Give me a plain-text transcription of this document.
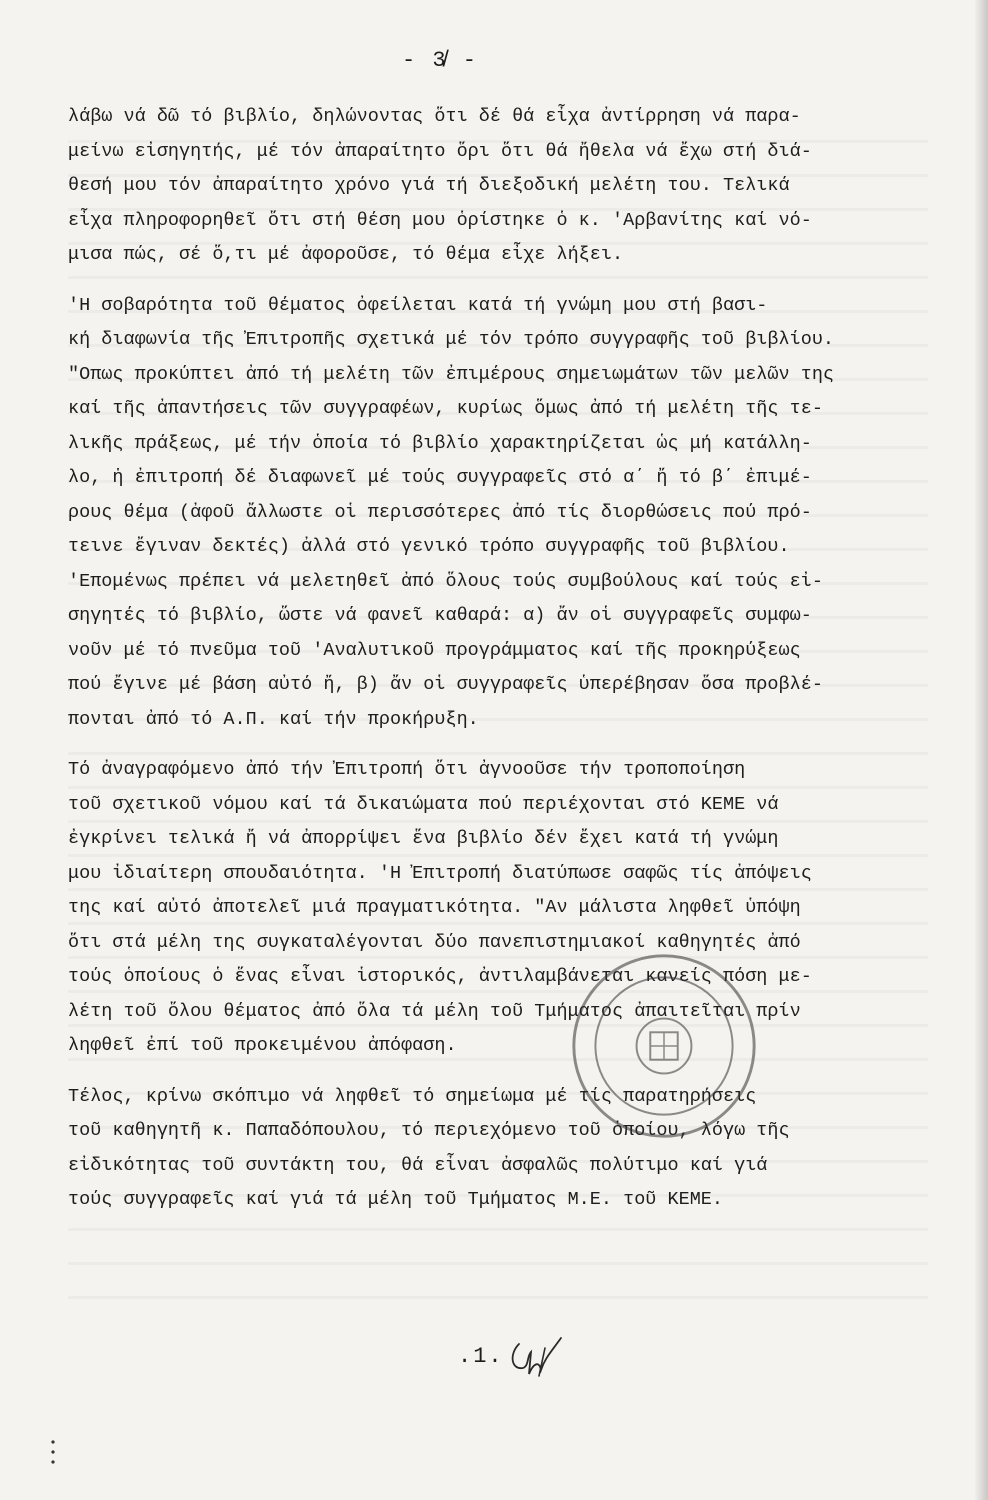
- 3̸̸ -

λάβω νά δῶ τό βιβλίο, δηλώνοντας ὅτι δέ θά εἶχα ἀντίρρηση νά παρα-
μείνω εἰσηγητής, μέ τόν ἀπαραίτητο ὅρι ὅτι θά ἤθελα νά ἔχω στή διά-
θεσή μου τόν ἀπαραίτητο χρόνο γιά τή διεξοδική μελέτη του. Τελικά
εἶχα πληροφορηθεῖ ὅτι στή θέση μου ὁρίστηκε ὁ κ. 'Αρβανίτης καί νό-
μισα πώς, σέ ὅ,τι μέ ἀφοροῦσε, τό θέμα εἶχε λήξει.

'Η σοβαρότητα τοῦ θέματος ὀφείλεται κατά τή γνώμη μου στή βασι-
κή διαφωνία τῆς Ἐπιτροπῆς σχετικά μέ τόν τρόπο συγγραφῆς τοῦ βιβλίου.
"Οπως προκύπτει ἀπό τή μελέτη τῶν ἐπιμέρους σημειωμάτων τῶν μελῶν της
καί τῆς ἀπαντήσεις τῶν συγγραφέων, κυρίως ὅμως ἀπό τή μελέτη τῆς τε-
λικῆς πράξεως, μέ τήν ὁποία τό βιβλίο χαρακτηρίζεται ὡς μή κατάλλη-
λο, ἡ ἐπιτροπή δέ διαφωνεῖ μέ τούς συγγραφεῖς στό α΄ ἤ τό β΄ ἐπιμέ-
ρους θέμα (ἀφοῦ ἄλλωστε οἱ περισσότερες ἀπό τίς διορθώσεις πού πρό-
τεινε ἔγιναν δεκτές) ἀλλά στό γενικό τρόπο συγγραφῆς τοῦ βιβλίου.
'Επομένως πρέπει νά μελετηθεῖ ἀπό ὅλους τούς συμβούλους καί τούς εἰ-
σηγητές τό βιβλίο, ὥστε νά φανεῖ καθαρά: α) ἄν οἱ συγγραφεῖς συμφω-
νοῦν μέ τό πνεῦμα τοῦ 'Αναλυτικοῦ προγράμματος καί τῆς προκηρύξεως
πού ἔγινε μέ βάση αὐτό ἤ, β) ἄν οἱ συγγραφεῖς ὑπερέβησαν ὅσα προβλέ-
πονται ἀπό τό Α.Π. καί τήν προκήρυξη.

Τό ἀναγραφόμενο ἀπό τήν Ἐπιτροπή ὅτι ἀγνοοῦσε τήν τροποποίηση
τοῦ σχετικοῦ νόμου καί τά δικαιώματα πού περιέχονται στό ΚΕΜΕ νά
ἐγκρίνει τελικά ἤ νά ἀπορρίψει ἕνα βιβλίο δέν ἔχει κατά τή γνώμη
μου ἰδιαίτερη σπουδαιότητα. 'Η Ἐπιτροπή διατύπωσε σαφῶς τίς ἀπόψεις
της καί αὐτό ἀποτελεῖ μιά πραγματικότητα. "Αν μάλιστα ληφθεῖ ὑπόψη
ὅτι στά μέλη της συγκαταλέγονται δύο πανεπιστημιακοί καθηγητές ἀπό
τούς ὁποίους ὁ ἕνας εἶναι ἱστορικός, ἀντιλαμβάνεται κανείς πόση με-
λέτη τοῦ ὅλου θέματος ἀπό ὅλα τά μέλη τοῦ Τμήματος ἀπαιτεῖται πρίν
ληφθεῖ ἐπί τοῦ προκειμένου ἀπόφαση.

Τέλος, κρίνω σκόπιμο νά ληφθεῖ τό σημείωμα μέ τίς παρατηρήσεις
τοῦ καθηγητῆ κ. Παπαδόπουλου, τό περιεχόμενο τοῦ ὁποίου, λόγω τῆς
εἰδικότητας τοῦ συντάκτη του, θά εἶναι ἀσφαλῶς πολύτιμο καί γιά
τούς συγγραφεῖς καί γιά τά μέλη τοῦ Τμήματος Μ.Ε. τοῦ ΚΕΜΕ.

.1.
